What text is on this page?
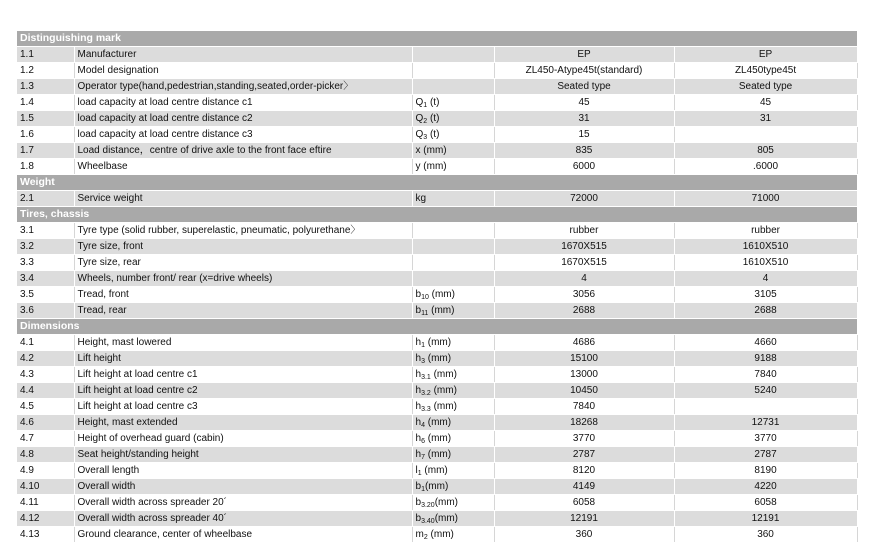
Distinguishing mark				
1.1	Manufacturer		EP	EP
1.2	Model designation		ZL450-Atype45t(standard)	ZL450type45t
1.3	Operator type(hand,pedestrian,standing,seated,order-picker〉		Seated type	Seated type
1.4	load capacity at load centre distance c1	$Q_1$ (t)	45	45
1.5	load capacity at load centre distance c2	$Q_2$ (t)	31	31
1.6	load capacity at load centre distance c3	$Q_3$ (t)	15	
1.7	Load distance，centre of drive axle to the front face eftire	x (mm)	835	805
1.8	Wheelbase	y (mm)	6000	.6000
Weight				
2.1	Service weight	kg	72000	71000
Tires, chassis				
3.1	Tyre type (solid rubber, superelastic, pneumatic, polyurethane〉		rubber	rubber
3.2	Tyre size, front		1670X515	1610X510
3.3	Tyre size, rear		1670X515	1610X510
3.4	Wheels, number front/ rear (x=drive wheels)		4	4
3.5	Tread, front	$b_{10}$ (mm)	3056	3105
3.6	Tread, rear	$b_{11}$ (mm)	2688	2688
Dimensions				
4.1	Height, mast lowered	$h_1$ (mm)	4686	4660
4.2	Lift height	$h_3$ (mm)	15100	9188
4.3	Lift height at load centre c1	$h_{3.1}$ (mm)	13000	7840
4.4	Lift height at load centre c2	$h_{3.2}$ (mm)	10450	5240
4.5	Lift height at load centre c3	$h_{3.3}$ (mm)	7840	
4.6	Height, mast extended	$h_4$ (mm)	18268	12731
4.7	Height of overhead guard (cabin)	$h_6$ (mm)	3770	3770
4.8	Seat height/standing height	$h_7$ (mm)	2787	2787
4.9	Overall length	$l_1$ (mm)	8120	8190
4.10	Overall width	$b_1(mm)$	4149	4220
4.11	Overall width across spreader 20´	$b_{3.20}(mm)$	6058	6058
4.12	Overall width across spreader 40´	$b_{3.40}(mm)$	12191	12191
4.13	Ground clearance, center of wheelbase	$m_2$ (mm)	360	360
